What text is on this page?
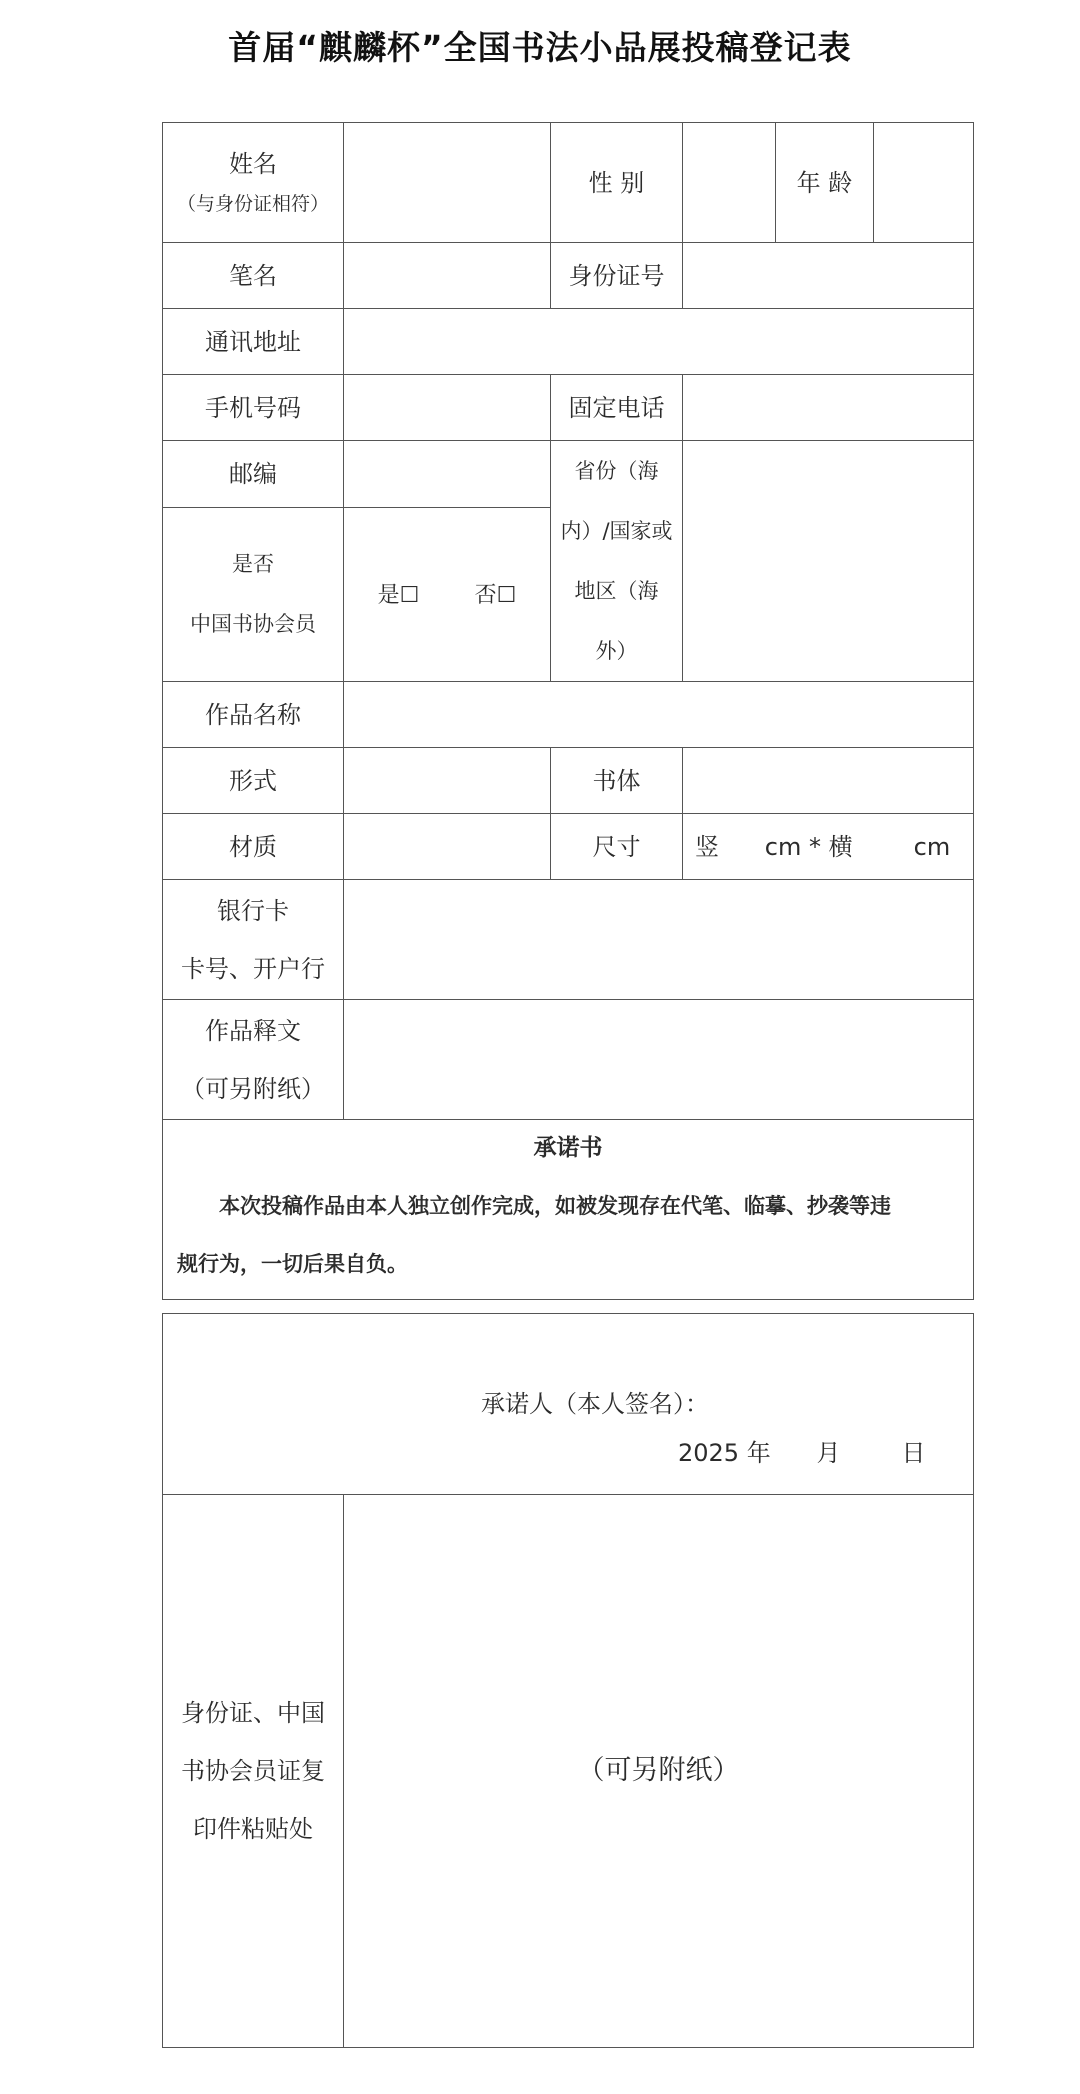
首届“麒麟杯”全国书法小品展投稿登记表
姓名
（与身份证相符）		性 别		年 龄	
笔名		身份证号			
通讯地址					
手机号码		固定电话			
邮编		省份（海
内）/国家或
地区（海
外）			

是否
中国书协会员	是☐ 否☐				
作品名称					
形式		书体			
材质		尺寸	竖      cm * 横        cm		

银行卡
卡号、开户行					

作品释文
（可另附纸）					

承诺书
本次投稿作品由本人独立创作完成，如被发现存在代笔、临摹、抄袭等违
规行为，一切后果自负。					
承诺人（本人签名）：
2025 年      月        日

身份证、中国
书协会员证复
印件粘贴处
	（可另附纸）
